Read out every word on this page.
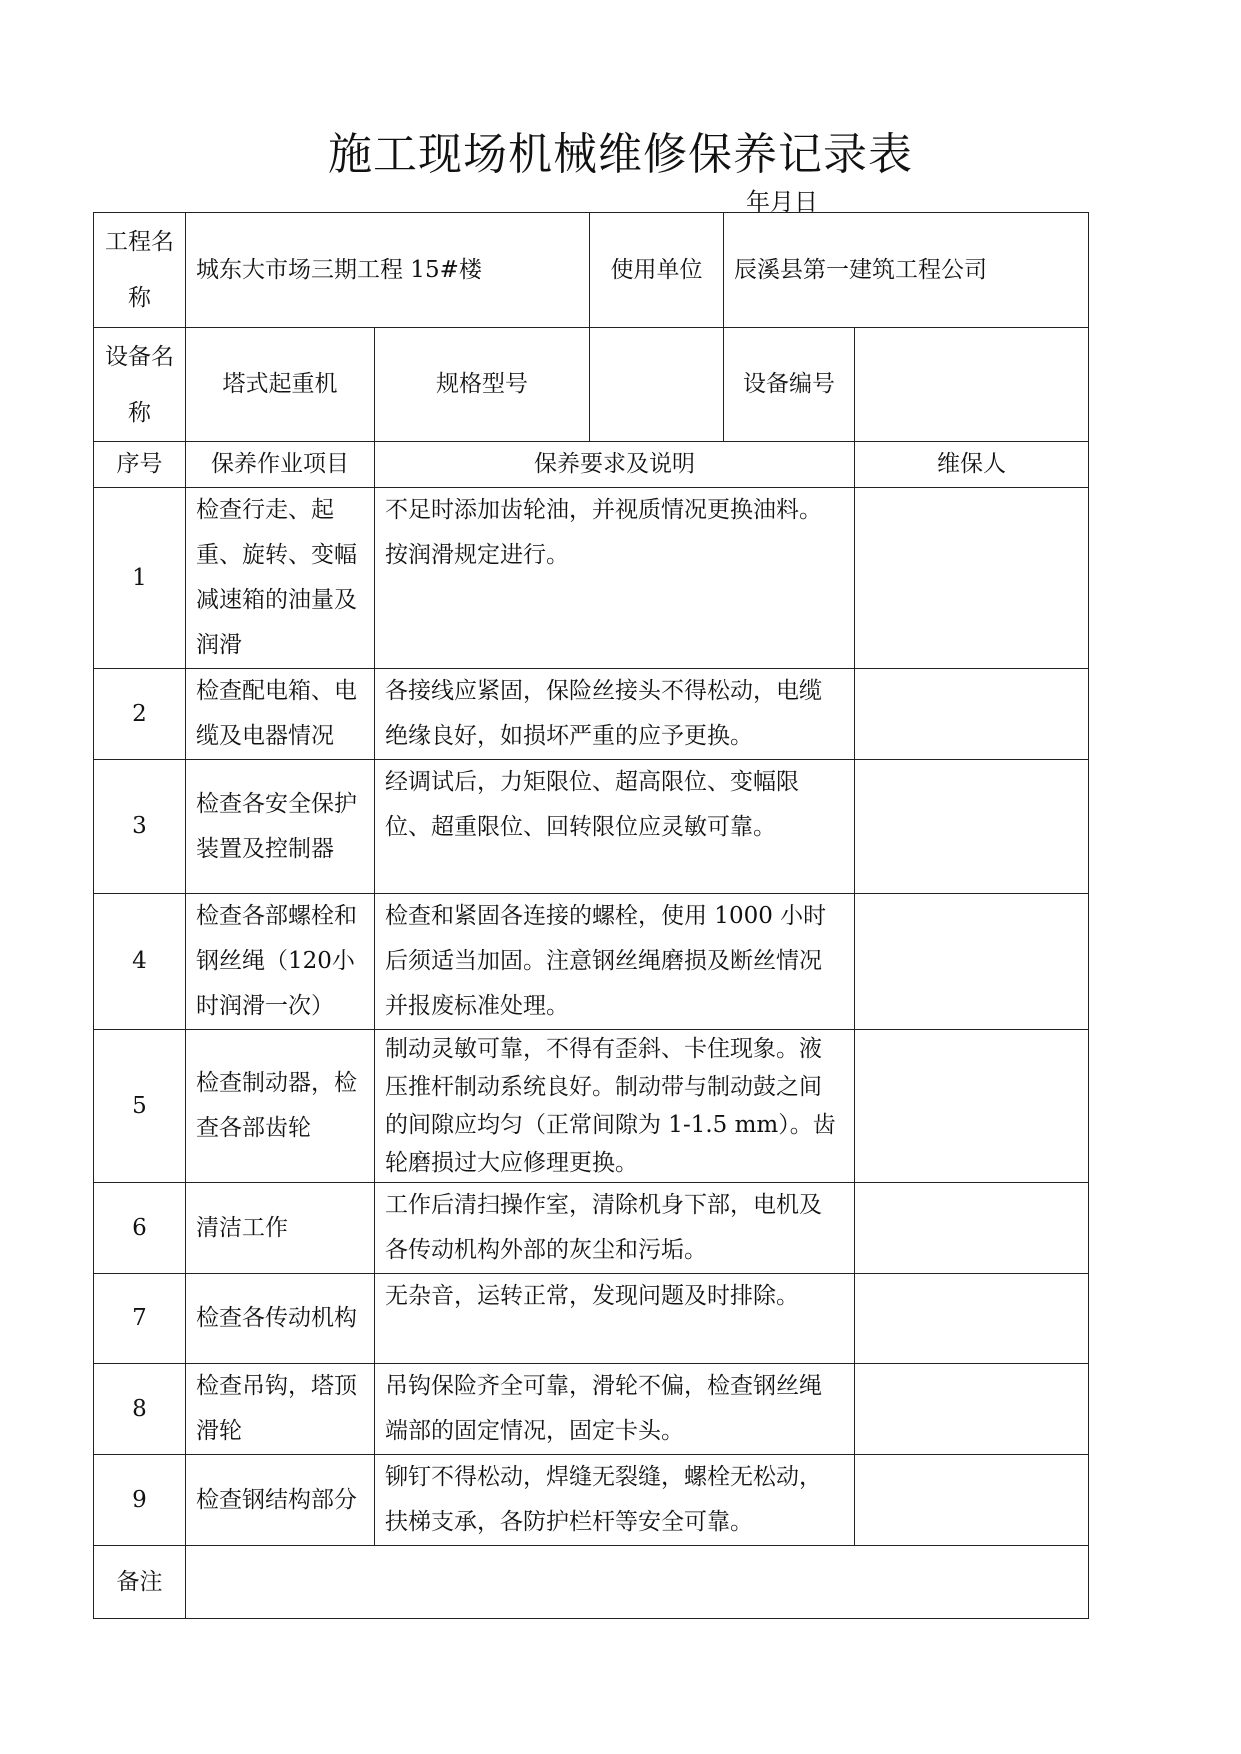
施工现场机械维修保养记录表
年月日
工程名称	城东大市场三期工程 15#楼		使用单位	辰溪县第一建筑工程公司	
设备名称	塔式起重机	规格型号		设备编号	
序号	保养作业项目	保养要求及说明			维保人
1	检查行走、起重、旋转、变幅减速箱的油量及润滑	不足时添加齿轮油，并视质情况更换油料。按润滑规定进行。			
2	检查配电箱、电缆及电器情况	各接线应紧固，保险丝接头不得松动，电缆绝缘良好，如损坏严重的应予更换。			
3	检查各安全保护装置及控制器	经调试后，力矩限位、超高限位、变幅限位、超重限位、回转限位应灵敏可靠。			
4	检查各部螺栓和钢丝绳（120小时润滑一次）	检查和紧固各连接的螺栓，使用 1000 小时后须适当加固。注意钢丝绳磨损及断丝情况并报废标准处理。			
5	检查制动器，检查各部齿轮	制动灵敏可靠，不得有歪斜、卡住现象。液压推杆制动系统良好。制动带与制动鼓之间的间隙应均匀（正常间隙为 1-1.5 mm）。齿轮磨损过大应修理更换。			
6	清洁工作	工作后清扫操作室，清除机身下部，电机及各传动机构外部的灰尘和污垢。			
7	检查各传动机构	无杂音，运转正常，发现问题及时排除。			
8	检查吊钩，塔顶滑轮	吊钩保险齐全可靠，滑轮不偏，检查钢丝绳端部的固定情况，固定卡头。			
9	检查钢结构部分	铆钉不得松动，焊缝无裂缝，螺栓无松动，扶梯支承，各防护栏杆等安全可靠。			
备注					
